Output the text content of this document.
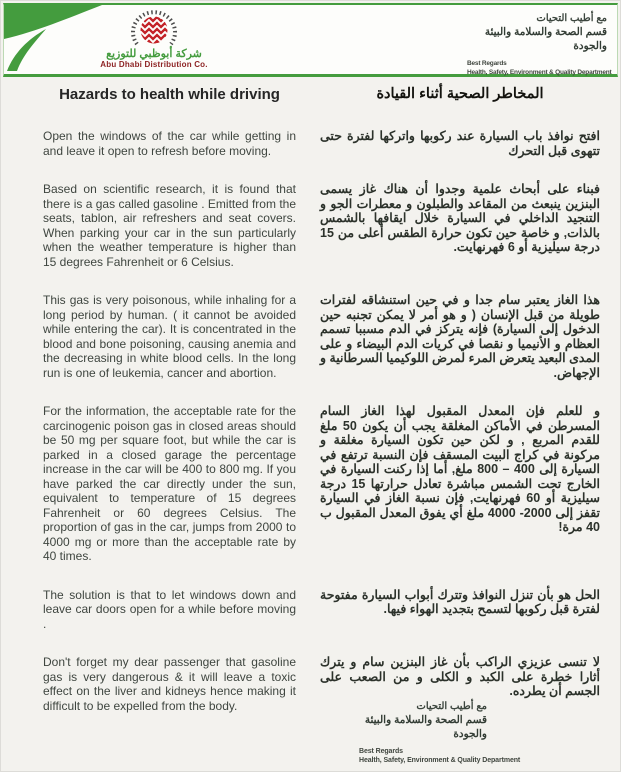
شركة أبوظبي للتوزيع
Abu Dhabi Distribution Co.
مع أطيب التحيات
قسم الصحة والسلامة والبيئة والجودة
Best Regards
Health, Safety, Environment & Quality Department
Hazards to health while driving	المخاطر الصحية أثناء القيادة
Open the windows of the car while getting in and leave it open to refresh before moving.
افتح نوافذ باب السيارة عند ركوبها واتركها لفترة حتى تتهوى قبل التحرك
Based on scientific research, it is found that there is a gas called gasoline . Emitted from the seats, tablon, air refreshers and seat covers. When parking your car in the sun particularly when the weather temperature is higher than 15 degrees Fahrenheit or 6 Celsius.
فبناء على أبحاث علمية وجدوا أن هناك غاز يسمى البنزين ينبعث من المقاعد والطبلون و معطرات الجو و التنجيد الداخلي في السيارة خلال ايقافها بالشمس بالذات, و خاصة حين تكون حرارة الطقس أعلى من 15 درجة سيليزية أو 6 فهرنهايت.
This gas is very poisonous, while inhaling for a long period by human. ( it cannot be avoided while entering the car). It is concentrated in the blood and bone poisoning, causing anemia and the decreasing in white blood cells. In the long run is one of leukemia, cancer and abortion.
هذا الغاز يعتبر سام جدا و في حين استنشاقه لفترات طويلة من قبل الإنسان ( و هو أمر لا يمكن تجنبه حين الدخول إلى السيارة) فإنه يتركز في الدم مسببا تسمم العظام و الأنيميا و نقصا في كريات الدم البيضاء و على المدى البعيد يتعرض المرء لمرض اللوكيميا السرطانية و الإجهاض.
For the information, the acceptable rate for the carcinogenic poison gas in closed areas should be 50 mg per square foot, but while the car is parked in a closed garage the percentage increase in the car will be 400 to 800 mg. If you have parked the car directly under the sun, equivalent to temperature of 15 degrees Fahrenheit or 60 degrees Celsius. The proportion of gas in the car, jumps from 2000 to 4000 mg or more than the acceptable rate by 40 times.
و للعلم فإن المعدل المقبول لهذا الغاز السام المسرطن في الأماكن المغلقة يجب أن يكون 50 ملغ للقدم المربع , و لكن حين تكون السيارة مغلقة و مركونة في كراج البيت المسقف فإن النسبة ترتفع في السيارة إلى 400 – 800 ملغ, أما إذا ركنت السيارة في الخارج تحت الشمس مباشرة تعادل حرارتها 15 درجة سيليزية أو 60 فهرنهايت, فإن نسبة الغاز في السيارة تقفز إلى 2000- 4000 ملغ أي يفوق المعدل المقبول ب 40 مرة!
The solution is that to let windows down and leave car doors open for a while before moving .
الحل هو بأن تنزل النوافذ وتترك أبواب السيارة مفتوحة لفترة قبل ركوبها لتسمح بتجديد الهواء فيها.
Don't forget my dear passenger that gasoline gas is very dangerous & it will leave a toxic effect on the liver and kidneys hence making it difficult to be expelled from the body.
لا تنسى عزيزي الراكب بأن غاز البنزين سام و يترك أثارا خطرة على الكبد و الكلى و من الصعب على الجسم أن يطرده.
مع أطيب التحيات
قسم الصحة والسلامة والبيئة والجودة
Best Regards
Health, Safety, Environment & Quality Department
